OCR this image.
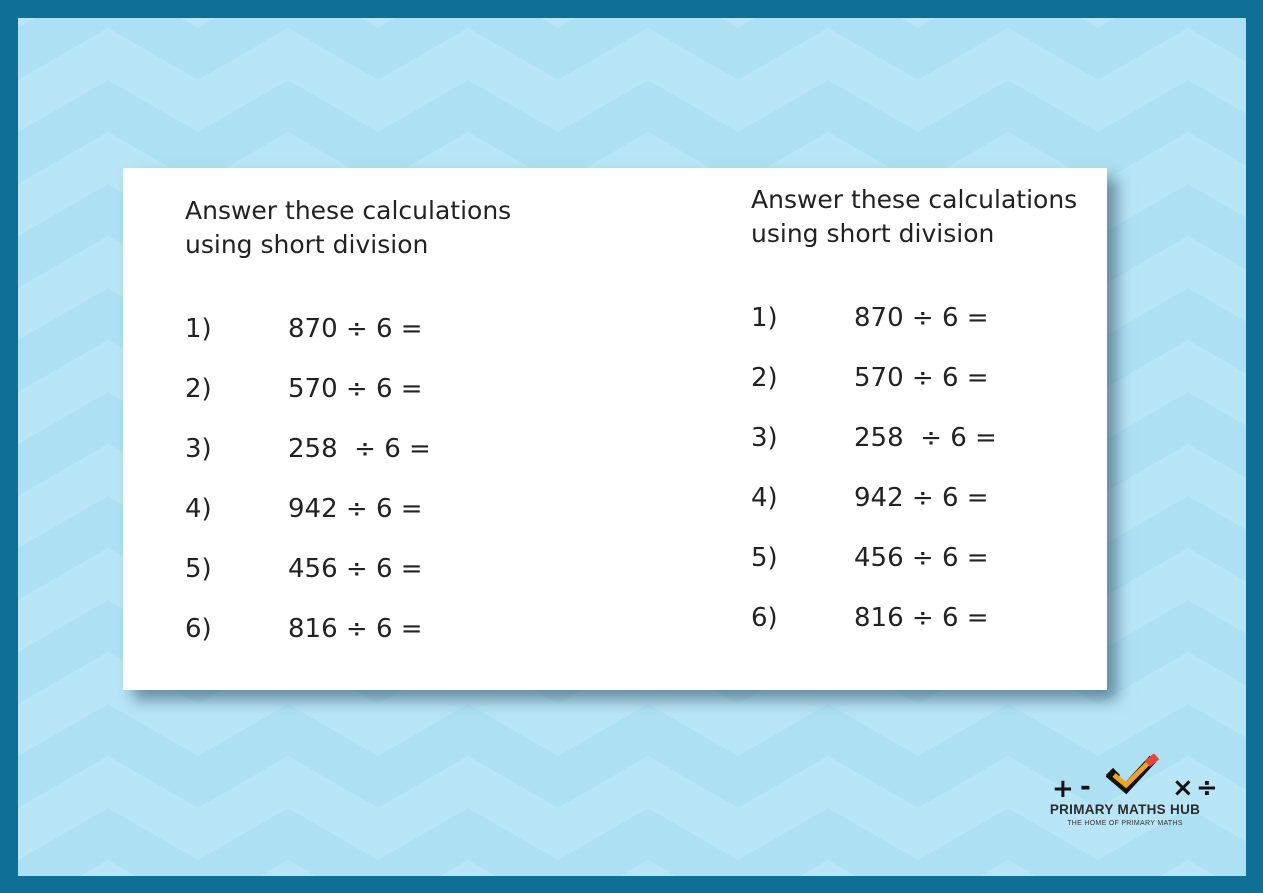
Answer these calculations using short division

1)	870 ÷ 6 =
2)	570 ÷ 6 =
3)	258  ÷ 6 =
4)	942 ÷ 6 =
5)	456 ÷ 6 =
6)	816 ÷ 6 =

Answer these calculations using short division

1)	870 ÷ 6 =
2)	570 ÷ 6 =
3)	258  ÷ 6 =
4)	942 ÷ 6 =
5)	456 ÷ 6 =
6)	816 ÷ 6 =
+ -	× ÷
PRIMARY MATHS HUB
THE HOME OF PRIMARY MATHS
